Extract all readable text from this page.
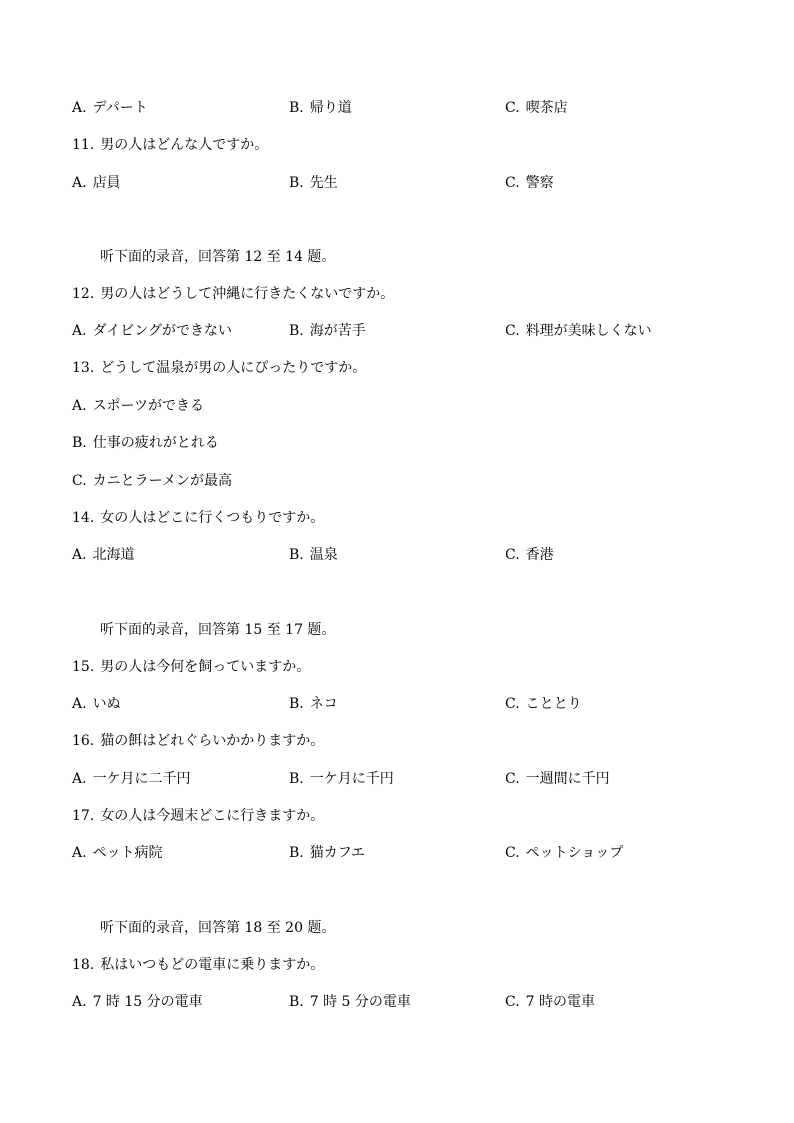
A. デパート	B. 帰り道	C. 喫茶店
11. 男の人はどんな人ですか。
A. 店員	B. 先生	C. 警察
听下面的录音，回答第 12 至 14 题。
12. 男の人はどうして沖縄に行きたくないですか。
A. ダイビングができない	B. 海が苦手	C. 料理が美味しくない
13. どうして温泉が男の人にぴったりですか。
A. スポーツができる
B. 仕事の疲れがとれる
C. カニとラーメンが最高
14. 女の人はどこに行くつもりですか。
A. 北海道	B. 温泉	C. 香港
听下面的录音，回答第 15 至 17 题。
15. 男の人は今何を飼っていますか。
A. いぬ	B. ネコ	C. こととり
16. 猫の餌はどれぐらいかかりますか。
A. 一ケ月に二千円	B. 一ケ月に千円	C. 一週間に千円
17. 女の人は今週末どこに行きますか。
A. ペット病院	B. 猫カフエ	C. ペットショップ
听下面的录音，回答第 18 至 20 题。
18. 私はいつもどの電車に乗りますか。
A. 7 時 15 分の電車	B. 7 時 5 分の電車	C. 7 時の電車
